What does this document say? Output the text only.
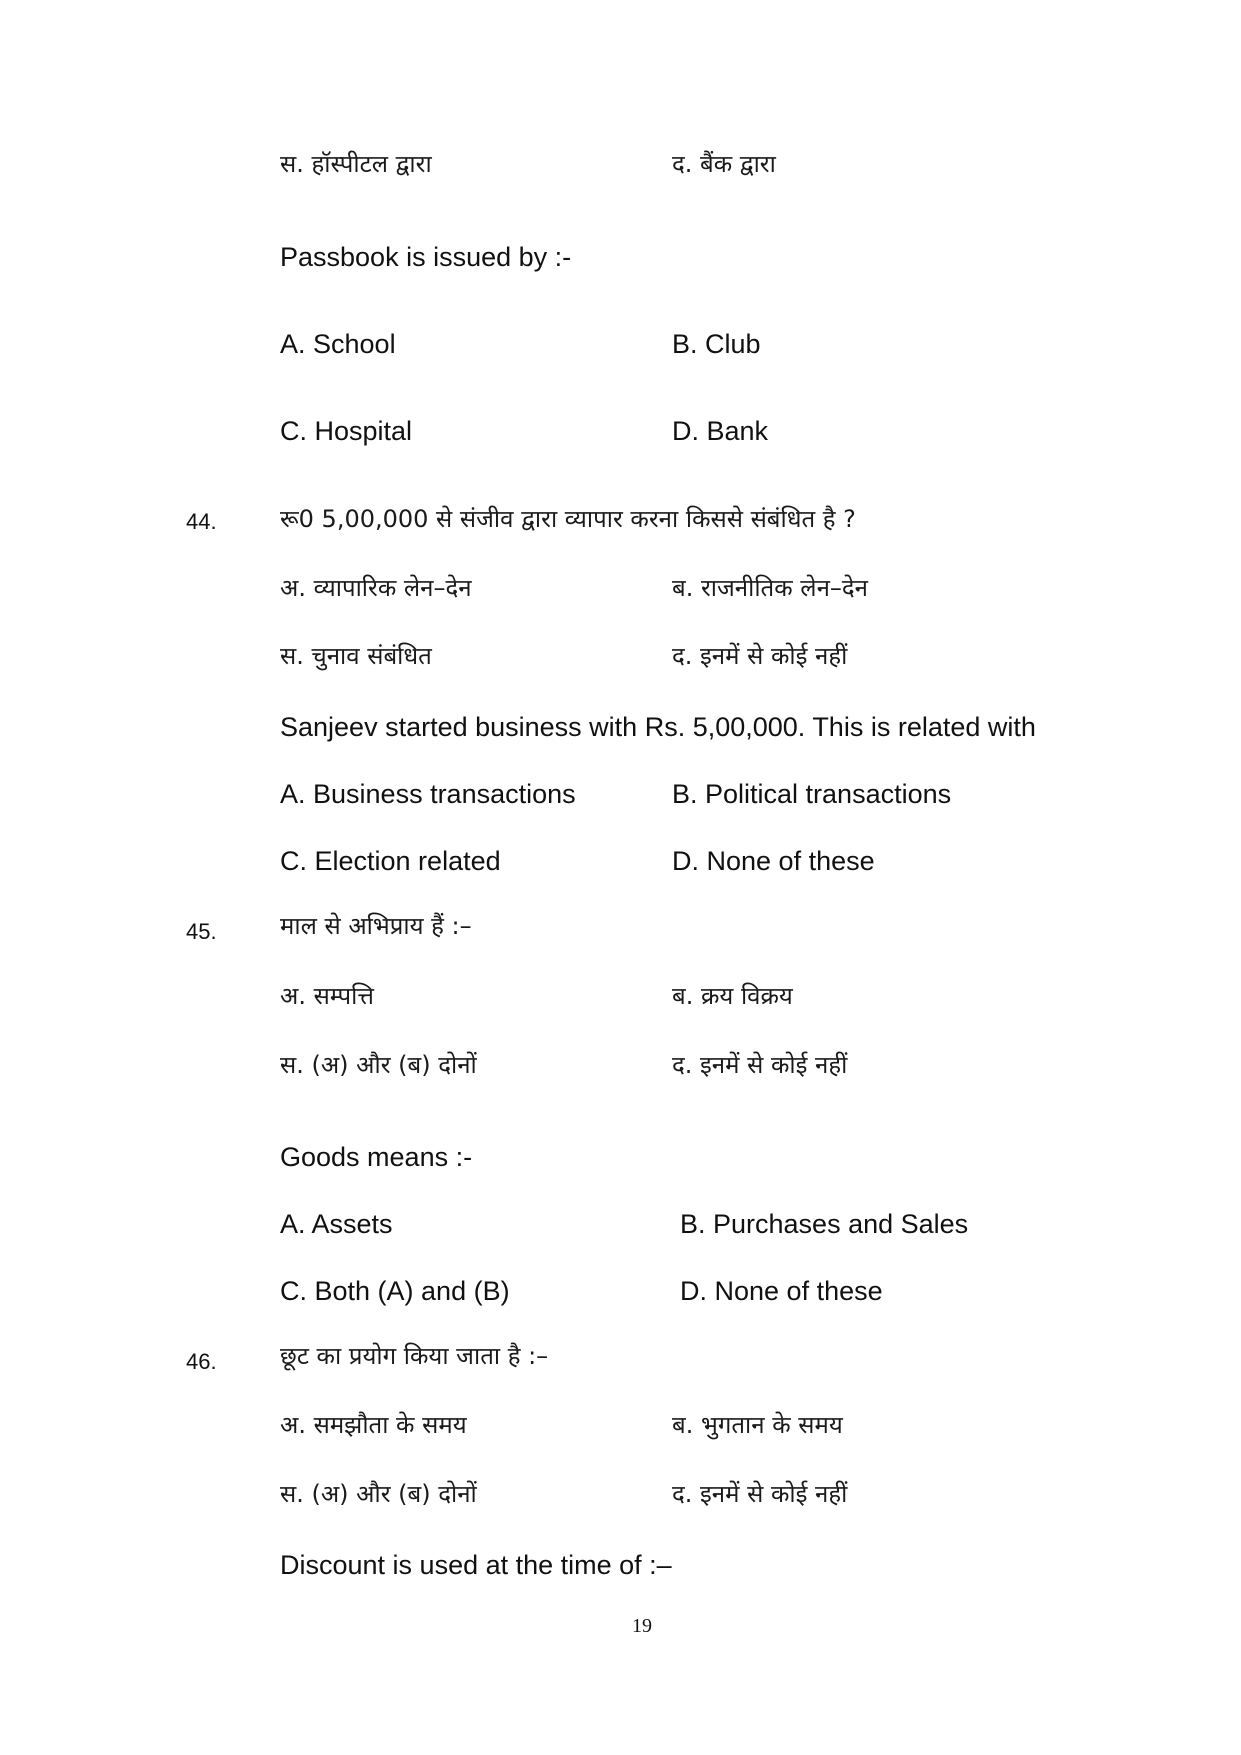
स. हॉस्पीटल द्वारा	द. बैंक द्वारा
Passbook is issued by :-
A. School	B. Club
C. Hospital	D. Bank
44.	रू0 5,00,000 से संजीव द्वारा व्यापार करना किससे संबंधित है ?
अ. व्यापारिक लेन–देन	ब. राजनीतिक लेन–देन
स. चुनाव संबंधित	द. इनमें से कोई नहीं
Sanjeev started business with Rs. 5,00,000. This is related with
A. Business transactions	B. Political transactions
C. Election related	D. None of these
45.	माल से अभिप्राय हैं :–
अ. सम्पत्ति	ब. क्रय विक्रय
स. (अ) और (ब) दोनों	द. इनमें से कोई नहीं
Goods means :-
A. Assets	B. Purchases and Sales
C. Both (A) and (B)	D. None of these
46.	छूट का प्रयोग किया जाता है :–
अ. समझौता के समय	ब. भुगतान के समय
स. (अ) और (ब) दोनों	द. इनमें से कोई नहीं
Discount is used at the time of :–
19
